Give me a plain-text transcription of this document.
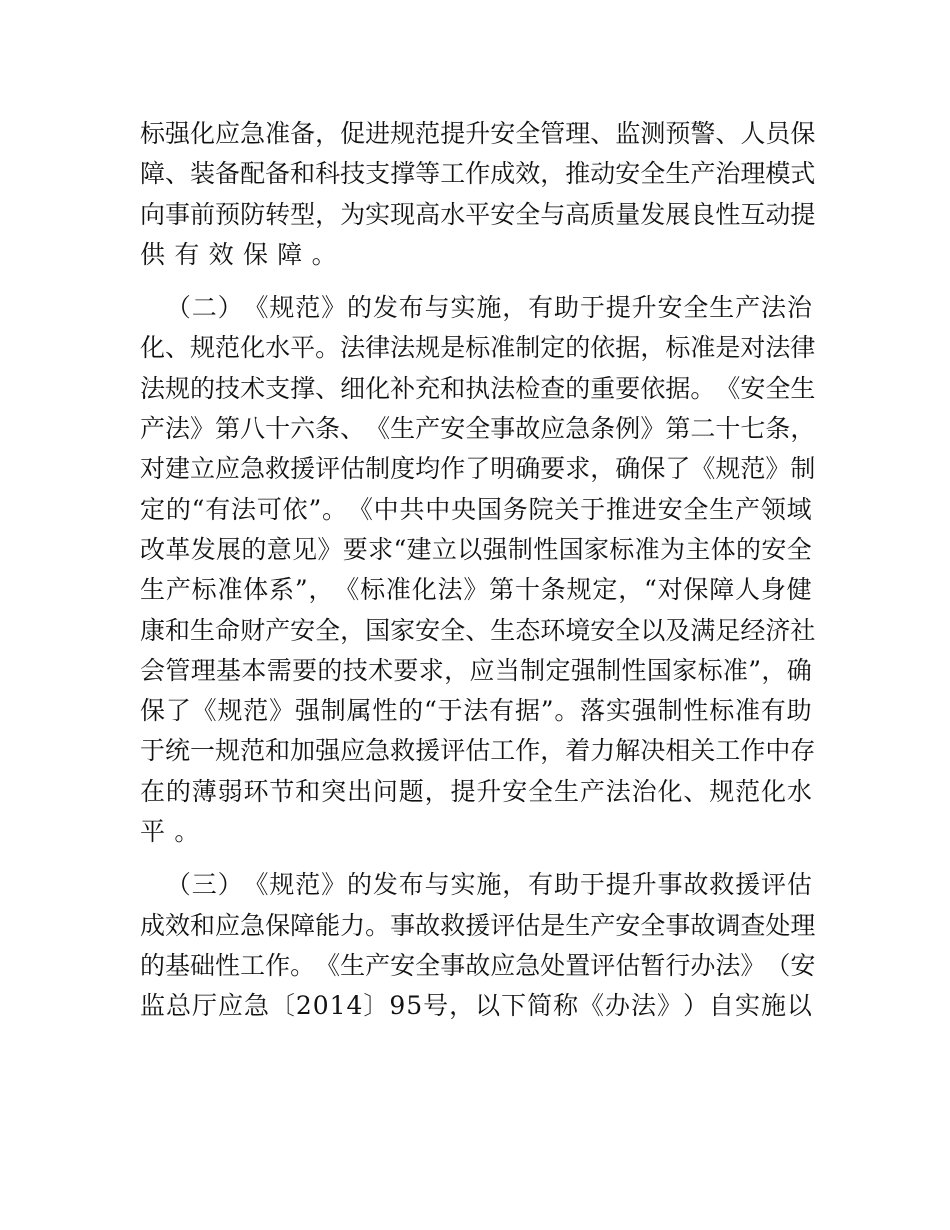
标 强 化 应 急 准 备 ， 促 进 规 范 提 升 安 全 管 理 、 监 测 预 警 、 人 员 保
障 、 装 备 配 备 和 科 技 支 撑 等 工 作 成 效 ， 推 动 安 全 生 产 治 理 模 式
向 事 前 预 防 转 型 ， 为 实 现 高 水 平 安 全 与 高 质 量 发 展 良 性 互 动 提
供 有 效 保 障 。
（ 二 ） 《 规 范 》 的 发 布 与 实 施 ， 有 助 于 提 升 安 全 生 产 法 治
化 、 规 范 化 水 平 。 法 律 法 规 是 标 准 制 定 的 依 据 ， 标 准 是 对 法 律
法 规 的 技 术 支 撑 、 细 化 补 充 和 执 法 检 查 的 重 要 依 据 。 《 安 全 生
产 法 》 第 八 十 六 条 、 《 生 产 安 全 事 故 应 急 条 例 》 第 二 十 七 条 ，
对 建 立 应 急 救 援 评 估 制 度 均 作 了 明 确 要 求 ， 确 保 了 《 规 范 》 制
定 的 “ 有 法 可 依 ” 。 《 中 共 中 央 国 务 院 关 于 推 进 安 全 生 产 领 域
改 革 发 展 的 意 见 》 要 求 “ 建 立 以 强 制 性 国 家 标 准 为 主 体 的 安 全
生 产 标 准 体 系 ” ， 《 标 准 化 法 》 第 十 条 规 定 ， “ 对 保 障 人 身 健
康 和 生 命 财 产 安 全 ， 国 家 安 全 、 生 态 环 境 安 全 以 及 满 足 经 济 社
会 管 理 基 本 需 要 的 技 术 要 求 ， 应 当 制 定 强 制 性 国 家 标 准 ” ， 确
保 了 《 规 范 》 强 制 属 性 的 “ 于 法 有 据 ” 。 落 实 强 制 性 标 准 有 助
于 统 一 规 范 和 加 强 应 急 救 援 评 估 工 作 ， 着 力 解 决 相 关 工 作 中 存
在 的 薄 弱 环 节 和 突 出 问 题 ， 提 升 安 全 生 产 法 治 化 、 规 范 化 水
平 。
（ 三 ） 《 规 范 》 的 发 布 与 实 施 ， 有 助 于 提 升 事 故 救 援 评 估
成 效 和 应 急 保 障 能 力 。 事 故 救 援 评 估 是 生 产 安 全 事 故 调 查 处 理
的 基 础 性 工 作 。 《 生 产 安 全 事 故 应 急 处 置 评 估 暂 行 办 法 》 （ 安
监 总 厅 应 急 〔 2 0 1 4 〕 9 5 号 ， 以 下 简 称 《 办 法 》 ） 自 实 施 以
